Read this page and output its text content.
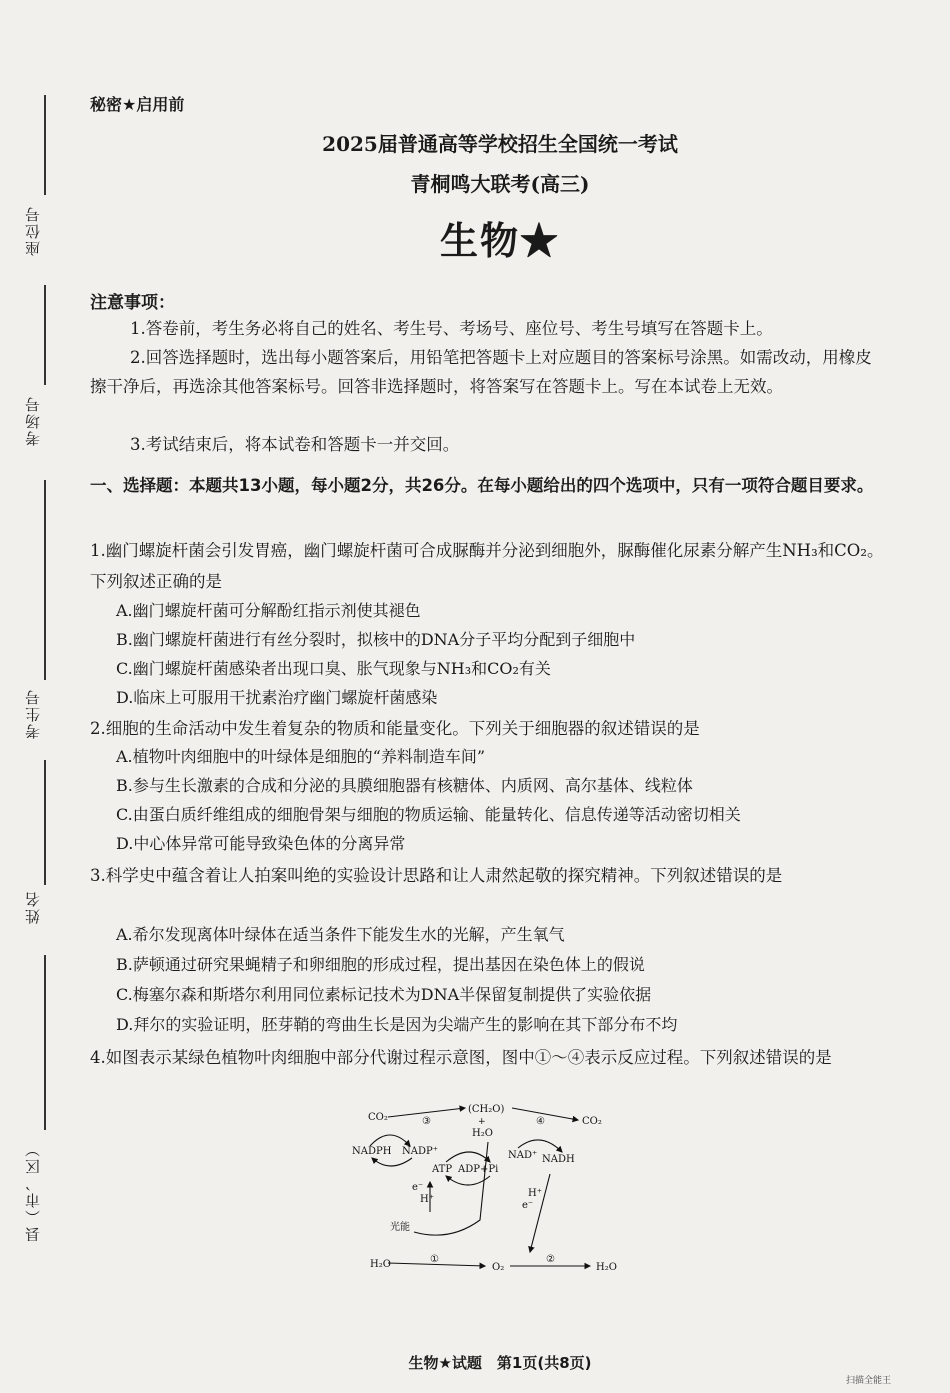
座位号
考场号
考生号
姓名
县（市、区）
秘密★启用前
2025届普通高等学校招生全国统一考试
青桐鸣大联考(高三)
生物★
注意事项：
1.答卷前，考生务必将自己的姓名、考生号、考场号、座位号、考生号填写在答题卡上。
2.回答选择题时，选出每小题答案后，用铅笔把答题卡上对应题目的答案标号涂黑。如需改动，用橡皮擦干净后，再选涂其他答案标号。回答非选择题时，将答案写在答题卡上。写在本试卷上无效。
3.考试结束后，将本试卷和答题卡一并交回。
一、选择题：本题共13小题，每小题2分，共26分。在每小题给出的四个选项中，只有一项符合题目要求。
1.幽门螺旋杆菌会引发胃癌，幽门螺旋杆菌可合成脲酶并分泌到细胞外，脲酶催化尿素分解产生NH₃和CO₂。下列叙述正确的是
A.幽门螺旋杆菌可分解酚红指示剂使其褪色
B.幽门螺旋杆菌进行有丝分裂时，拟核中的DNA分子平均分配到子细胞中
C.幽门螺旋杆菌感染者出现口臭、胀气现象与NH₃和CO₂有关
D.临床上可服用干扰素治疗幽门螺旋杆菌感染
2.细胞的生命活动中发生着复杂的物质和能量变化。下列关于细胞器的叙述错误的是
A.植物叶肉细胞中的叶绿体是细胞的“养料制造车间”
B.参与生长激素的合成和分泌的具膜细胞器有核糖体、内质网、高尔基体、线粒体
C.由蛋白质纤维组成的细胞骨架与细胞的物质运输、能量转化、信息传递等活动密切相关
D.中心体异常可能导致染色体的分离异常
3.科学史中蕴含着让人拍案叫绝的实验设计思路和让人肃然起敬的探究精神。下列叙述错误的是
A.希尔发现离体叶绿体在适当条件下能发生水的光解，产生氧气
B.萨顿通过研究果蝇精子和卵细胞的形成过程，提出基因在染色体上的假说
C.梅塞尔森和斯塔尔利用同位素标记技术为DNA半保留复制提供了实验依据
D.拜尔的实验证明，胚芽鞘的弯曲生长是因为尖端产生的影响在其下部分布不均
4.如图表示某绿色植物叶肉细胞中部分代谢过程示意图，图中①～④表示反应过程。下列叙述错误的是
CO₂	③
(CH₂O)
+
H₂O
④	CO₂
NADPH NADP⁺	NAD⁺ NADH
ATP ADP+Pi
e⁻
H⁺
H⁺
e⁻
光能
H₂O	①
O₂
②
H₂O
生物★试题　第1页(共8页)
扫描全能王
